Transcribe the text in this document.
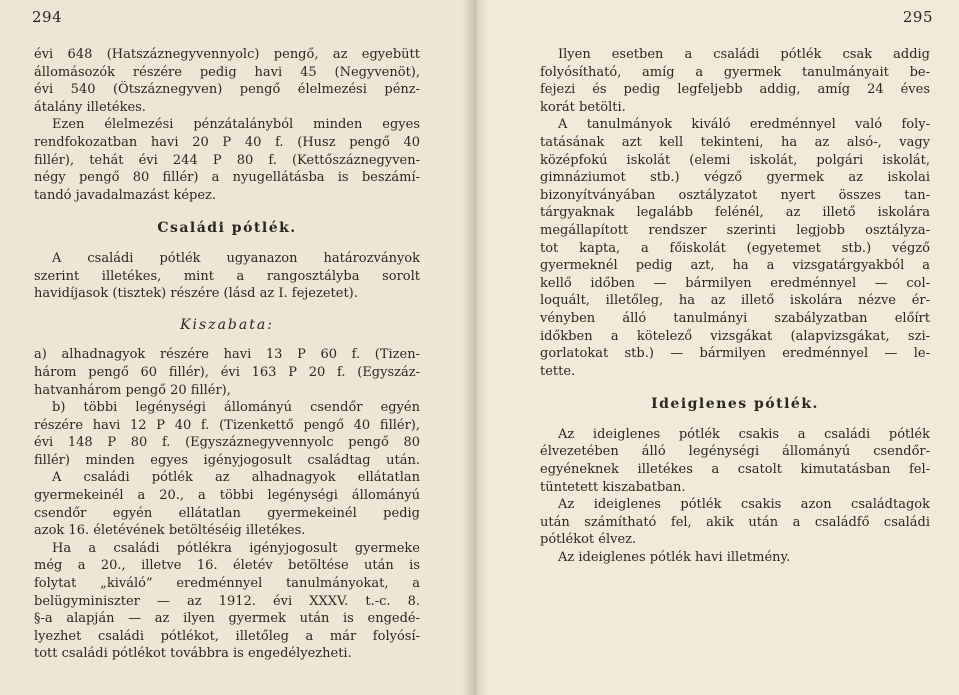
294
évi 648 (Hatszáznegyvennyolc) pengő, az egyebütt
állomásozók részére pedig havi 45 (Negyvenöt),
évi 540 (Ötszáznegyven) pengő élelmezési pénz-
átalány illetékes.
Ezen élelmezési pénzátalányból minden egyes
rendfokozatban havi 20 P 40 f. (Husz pengő 40
fillér), tehát évi 244 P 80 f. (Kettőszáznegyven-
négy pengő 80 fillér) a nyugellátásba is beszámí-
tandó javadalmazást képez.
Családi pótlék.
A családi pótlék ugyanazon határozványok
szerint illetékes, mint a rangosztályba sorolt
havidíjasok (tisztek) részére (lásd az I. fejezetet).
Kiszabata:
a) alhadnagyok részére havi 13 P 60 f. (Tizen-
három pengő 60 fillér), évi 163 P 20 f. (Egyszáz-
hatvanhárom pengő 20 fillér),
b) többi legénységi állományú csendőr egyén
részére havi 12 P 40 f. (Tizenkettő pengő 40 fillér),
évi 148 P 80 f. (Egyszáznegyvennyolc pengő 80
fillér) minden egyes igényjogosult családtag után.
A családi pótlék az alhadnagyok ellátatlan
gyermekeinél a 20., a többi legénységi állományú
csendőr egyén ellátatlan gyermekeinél pedig
azok 16. életévének betöltéséig illetékes.
Ha a családi pótlékra igényjogosult gyermeke
még a 20., illetve 16. életév betöltése után is
folytat „kiváló” eredménnyel tanulmányokat, a
belügyminiszter — az 1912. évi XXXV. t.-c. 8.
§-a alapján — az ilyen gyermek után is engedé-
lyezhet családi pótlékot, illetőleg a már folyósí-
tott családi pótlékot továbbra is engedélyezheti.
295
Ilyen esetben a családi pótlék csak addig
folyósítható, amíg a gyermek tanulmányait be-
fejezi és pedig legfeljebb addig, amíg 24 éves
korát betölti.
A tanulmányok kiváló eredménnyel való foly-
tatásának azt kell tekinteni, ha az alsó-, vagy
középfokú iskolát (elemi iskolát, polgári iskolát,
gimnáziumot stb.) végző gyermek az iskolai
bizonyítványában osztályzatot nyert összes tan-
tárgyaknak legalább felénél, az illető iskolára
megállapított rendszer szerinti legjobb osztályza-
tot kapta, a főiskolát (egyetemet stb.) végző
gyermeknél pedig azt, ha a vizsgatárgyakból a
kellő időben — bármilyen eredménnyel — col-
loquált, illetőleg, ha az illető iskolára nézve ér-
vényben álló tanulmányi szabályzatban előírt
időkben a kötelező vizsgákat (alapvizsgákat, szi-
gorlatokat stb.) — bármilyen eredménnyel — le-
tette.
Ideiglenes pótlék.
Az ideiglenes pótlék csakis a családi pótlék
élvezetében álló legénységi állományú csendőr-
egyéneknek illetékes a csatolt kimutatásban fel-
tüntetett kiszabatban.
Az ideiglenes pótlék csakis azon családtagok
után számítható fel, akik után a családfő családi
pótlékot élvez.
Az ideiglenes pótlék havi illetmény.
